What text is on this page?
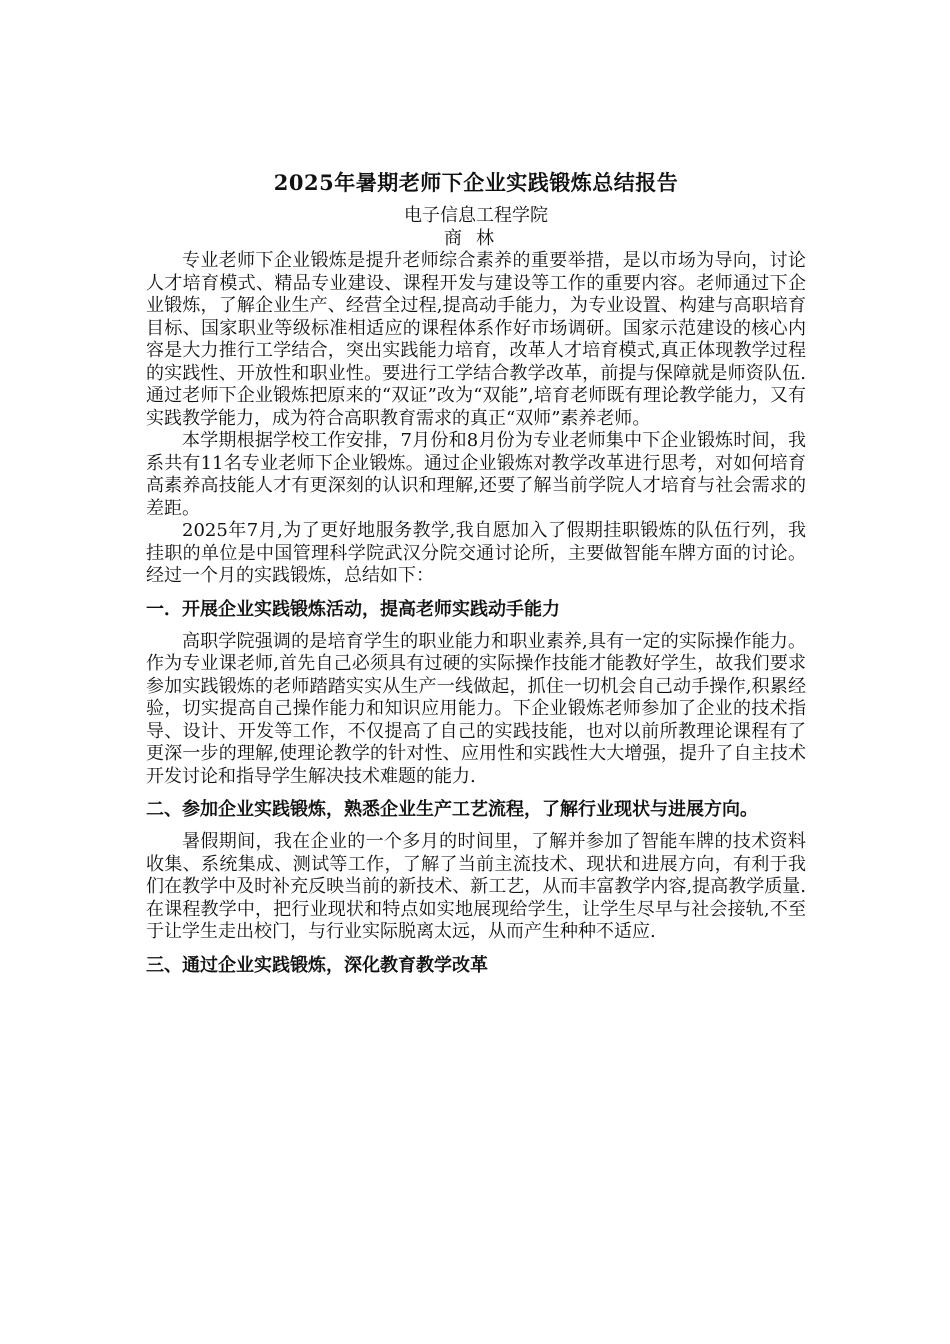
2025年暑期老师下企业实践锻炼总结报告

电子信息工程学院

商林

专业老师下企业锻炼是提升老师综合素养的重要举措，是以市场为导向，讨论人才培育模式、精品专业建设、课程开发与建设等工作的重要内容。老师通过下企业锻炼，了解企业生产、经营全过程,提高动手能力，为专业设置、构建与高职培育目标、国家职业等级标准相适应的课程体系作好市场调研。国家示范建设的核心内容是大力推行工学结合，突出实践能力培育，改革人才培育模式,真正体现教学过程的实践性、开放性和职业性。要进行工学结合教学改革，前提与保障就是师资队伍.通过老师下企业锻炼把原来的“双证”改为“双能”,培育老师既有理论教学能力，又有实践教学能力，成为符合高职教育需求的真正“双师”素养老师。

本学期根据学校工作安排，7月份和8月份为专业老师集中下企业锻炼时间，我系共有11名专业老师下企业锻炼。通过企业锻炼对教学改革进行思考，对如何培育高素养高技能人才有更深刻的认识和理解,还要了解当前学院人才培育与社会需求的差距。

2025年7月,为了更好地服务教学,我自愿加入了假期挂职锻炼的队伍行列，我挂职的单位是中国管理科学院武汉分院交通讨论所，主要做智能车牌方面的讨论。经过一个月的实践锻炼，总结如下：

一．开展企业实践锻炼活动，提高老师实践动手能力

高职学院强调的是培育学生的职业能力和职业素养,具有一定的实际操作能力。作为专业课老师,首先自己必须具有过硬的实际操作技能才能教好学生，故我们要求参加实践锻炼的老师踏踏实实从生产一线做起，抓住一切机会自己动手操作,积累经验，切实提高自己操作能力和知识应用能力。下企业锻炼老师参加了企业的技术指导、设计、开发等工作，不仅提高了自己的实践技能，也对以前所教理论课程有了更深一步的理解,使理论教学的针对性、应用性和实践性大大增强，提升了自主技术开发讨论和指导学生解决技术难题的能力.

二、参加企业实践锻炼，熟悉企业生产工艺流程，了解行业现状与进展方向。

暑假期间，我在企业的一个多月的时间里，了解并参加了智能车牌的技术资料收集、系统集成、测试等工作，了解了当前主流技术、现状和进展方向，有利于我们在教学中及时补充反映当前的新技术、新工艺，从而丰富教学内容,提高教学质量.在课程教学中，把行业现状和特点如实地展现给学生，让学生尽早与社会接轨,不至于让学生走出校门，与行业实际脱离太远，从而产生种种不适应.

三、通过企业实践锻炼，深化教育教学改革
